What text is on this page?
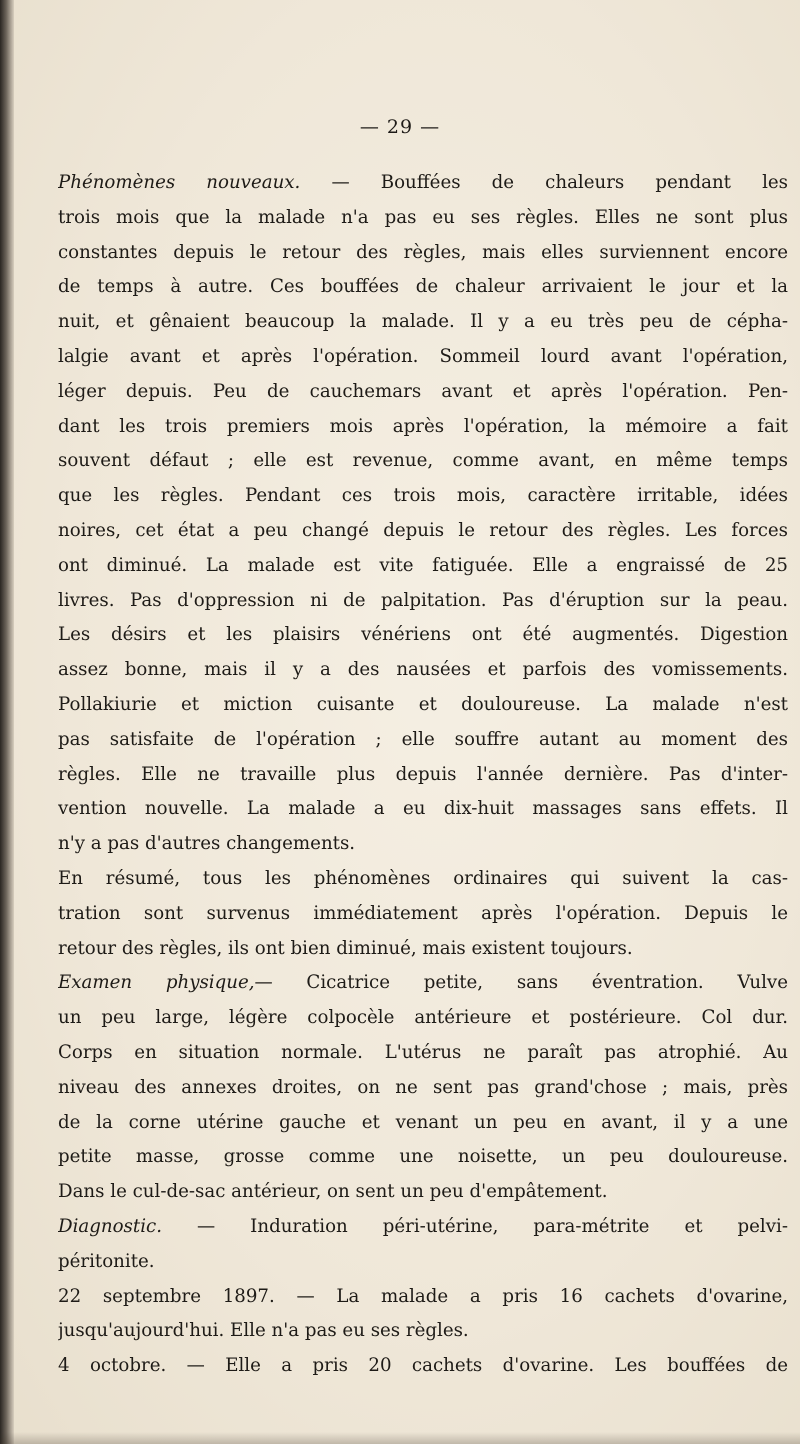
— 29 —
Phénomènes nouveaux. — Bouffées de chaleurs pendant les
trois mois que la malade n'a pas eu ses règles. Elles ne sont plus
constantes depuis le retour des règles, mais elles surviennent encore
de temps à autre. Ces bouffées de chaleur arrivaient le jour et la
nuit, et gênaient beaucoup la malade. Il y a eu très peu de cépha-
lalgie avant et après l'opération. Sommeil lourd avant l'opération,
léger depuis. Peu de cauchemars avant et après l'opération. Pen-
dant les trois premiers mois après l'opération, la mémoire a fait
souvent défaut ; elle est revenue, comme avant, en même temps
que les règles. Pendant ces trois mois, caractère irritable, idées
noires, cet état a peu changé depuis le retour des règles. Les forces
ont diminué. La malade est vite fatiguée. Elle a engraissé de 25
livres. Pas d'oppression ni de palpitation. Pas d'éruption sur la peau.
Les désirs et les plaisirs vénériens ont été augmentés. Digestion
assez bonne, mais il y a des nausées et parfois des vomissements.
Pollakiurie et miction cuisante et douloureuse. La malade n'est
pas satisfaite de l'opération ; elle souffre autant au moment des
règles. Elle ne travaille plus depuis l'année dernière. Pas d'inter-
vention nouvelle. La malade a eu dix-huit massages sans effets. Il
n'y a pas d'autres changements.
En résumé, tous les phénomènes ordinaires qui suivent la cas-
tration sont survenus immédiatement après l'opération. Depuis le
retour des règles, ils ont bien diminué, mais existent toujours.
Examen physique,— Cicatrice petite, sans éventration. Vulve
un peu large, légère colpocèle antérieure et postérieure. Col dur.
Corps en situation normale. L'utérus ne paraît pas atrophié. Au
niveau des annexes droites, on ne sent pas grand'chose ; mais, près
de la corne utérine gauche et venant un peu en avant, il y a une
petite masse, grosse comme une noisette, un peu douloureuse.
Dans le cul-de-sac antérieur, on sent un peu d'empâtement.
Diagnostic. — Induration péri-utérine, para-métrite et pelvi-
péritonite.
22 septembre 1897. — La malade a pris 16 cachets d'ovarine,
jusqu'aujourd'hui. Elle n'a pas eu ses règles.
4 octobre. — Elle a pris 20 cachets d'ovarine. Les bouffées de
